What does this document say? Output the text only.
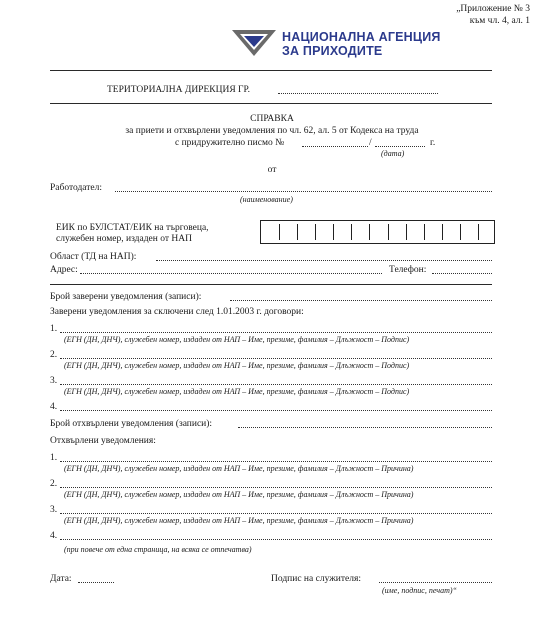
„Приложение № 3
към чл. 4, ал. 1
НАЦИОНАЛНА АГЕНЦИЯ
ЗА ПРИХОДИТЕ
ТЕРИТОРИАЛНА ДИРЕКЦИЯ ГР.
СПРАВКА
за приети и отхвърлени уведомления по чл. 62, ал. 5 от Кодекса на труда
с придружително писмо №	/	г.
(дата)
от
Работодател:
(наименование)
ЕИК по БУЛСТАТ/ЕИК на търговеца,
служебен номер, издаден от НАП
Област (ТД на НАП):
Адрес:	Телефон:
Брой заверени уведомления (записи):
Заверени уведомления за сключени след 1.01.2003 г. договори:
1.
(ЕГН (ДН, ДНЧ), служебен номер, издаден от НАП – Име, презиме, фамилия – Длъжност – Подпис)
2.
(ЕГН (ДН, ДНЧ), служебен номер, издаден от НАП – Име, презиме, фамилия – Длъжност – Подпис)
3.
(ЕГН (ДН, ДНЧ), служебен номер, издаден от НАП – Име, презиме, фамилия – Длъжност – Подпис)
4.
Брой отхвърлени уведомления (записи):
Отхвърлени уведомления:
1.
(ЕГН (ДН, ДНЧ), служебен номер, издаден от НАП – Име, презиме, фамилия – Длъжност – Причина)
2.
(ЕГН (ДН, ДНЧ), служебен номер, издаден от НАП – Име, презиме, фамилия – Длъжност – Причина)
3.
(ЕГН (ДН, ДНЧ), служебен номер, издаден от НАП – Име, презиме, фамилия – Длъжност – Причина)
4.
(при повече от една страница, на всяка се отпечатва)
Дата:	Подпис на служителя:
(име, подпис, печат)“
